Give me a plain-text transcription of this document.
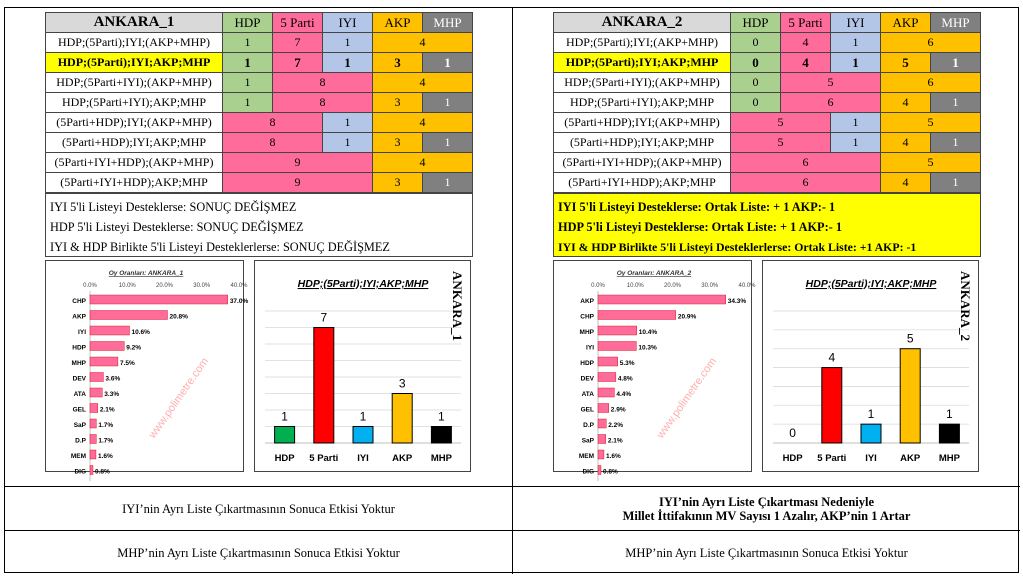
ANKARA_1	HDP	5 Parti	IYI	AKP	MHP
HDP;(5Parti);IYI;(AKP+MHP)	1	7	1	4	
HDP;(5Parti);IYI;AKP;MHP	1	7	1	3	1
HDP;(5Parti+IYI);(AKP+MHP)	1	8		4	
HDP;(5Parti+IYI);AKP;MHP	1	8		3	1
(5Parti+HDP);IYI;(AKP+MHP)	8		1	4	
(5Parti+HDP);IYI;AKP;MHP	8		1	3	1
(5Parti+IYI+HDP);(AKP+MHP)	9			4	
(5Parti+IYI+HDP);AKP;MHP	9			3	1
IYI 5'li Listeyi Desteklerse: SONUÇ DEĞİŞMEZ
HDP 5'li Listeyi Desteklerse: SONUÇ DEĞİŞMEZ
IYI & HDP Birlikte 5'li Listeyi Desteklerlerse: SONUÇ DEĞİŞMEZ
Oy Oranları: ANKARA_1
0.0%	10.0%	20.0%	30.0%	40.0%
CHP	37.0%
AKP	20.8%
IYI	10.6%
HDP	9.2%
MHP	7.5%
DEV	3.6%
ATA	3.3%
GEL 2.1%
SaP 1.7%
D.P 1.7%
MEM 1.6%
DIG 0.8%
www.polimetre.com
HDP;(5Parti);IYI;AKP;MHP
1
HDP
7
5 Parti
1
IYI
3
AKP
1
MHP
ANKARA_1
ANKARA_2	HDP	5 Parti	IYI	AKP	MHP
HDP;(5Parti);IYI;(AKP+MHP)	0	4	1	6	
HDP;(5Parti);IYI;AKP;MHP	0	4	1	5	1
HDP;(5Parti+IYI);(AKP+MHP)	0	5		6	
HDP;(5Parti+IYI);AKP;MHP	0	6		4	1
(5Parti+HDP);IYI;(AKP+MHP)	5		1	5	
(5Parti+HDP);IYI;AKP;MHP	5		1	4	1
(5Parti+IYI+HDP);(AKP+MHP)	6			5	
(5Parti+IYI+HDP);AKP;MHP	6			4	1
IYI 5'li Listeyi Desteklerse: Ortak Liste: + 1 AKP:- 1
HDP 5'li Listeyi Desteklerse: Ortak Liste: + 1 AKP:- 1
IYI & HDP Birlikte 5'li Listeyi Desteklerlerse: Ortak Liste: +1 AKP: -1
Oy Oranları: ANKARA_2
0.0%	10.0%	20.0%	30.0%	40.0%
AKP	34.3%
CHP	20.9%
MHP	10.4%
IYI	10.3%
HDP	5.3%
DEV	4.8%
ATA	4.4%
GEL	2.9%
D.P 2.2%
SaP 2.1%
MEM 1.6%
DIG 0.8%
www.polimetre.com
HDP;(5Parti);IYI;AKP;MHP
0
HDP
4
5 Parti
1
IYI
5
AKP
1
MHP
ANKARA_2
IYI’nin Ayrı Liste Çıkartmasının Sonuca Etkisi Yoktur	IYI’nin Ayrı Liste Çıkartması Nedeniyle
Millet İttifakının MV Sayısı 1 Azalır, AKP’nin 1 Artar
MHP’nin Ayrı Liste Çıkartmasının Sonuca Etkisi Yoktur	MHP’nin Ayrı Liste Çıkartmasının Sonuca Etkisi Yoktur
